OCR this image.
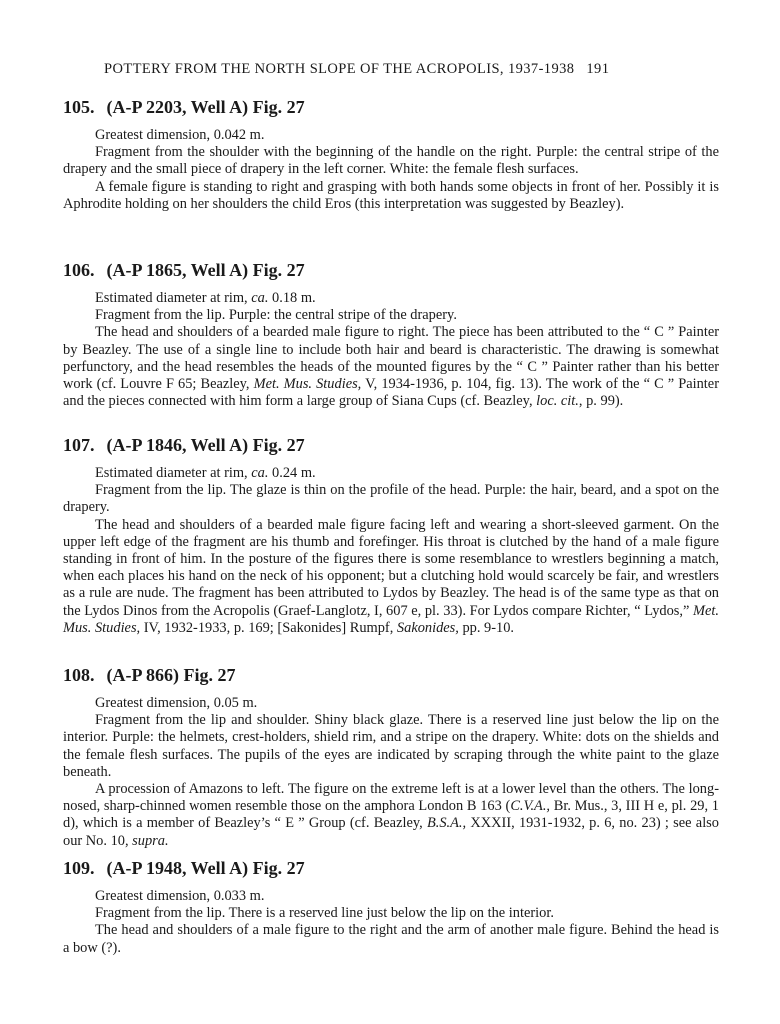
POTTERY FROM THE NORTH SLOPE OF THE ACROPOLIS, 1937-1938 191
105. (A-P 2203, Well A) Fig. 27

Greatest dimension, 0.042 m.

Fragment from the shoulder with the beginning of the handle on the right. Purple: the central stripe of the drapery and the small piece of drapery in the left corner. White: the female flesh surfaces.

A female figure is standing to right and grasping with both hands some objects in front of her. Possibly it is Aphrodite holding on her shoulders the child Eros (this interpretation was suggested by Beazley).

106. (A-P 1865, Well A) Fig. 27

Estimated diameter at rim, ca. 0.18 m.

Fragment from the lip. Purple: the central stripe of the drapery.

The head and shoulders of a bearded male figure to right. The piece has been attributed to the “ C ” Painter by Beazley. The use of a single line to include both hair and beard is characteristic. The drawing is somewhat perfunctory, and the head resembles the heads of the mounted figures by the “ C ” Painter rather than his better work (cf. Louvre F 65; Beazley, Met. Mus. Studies, V, 1934-1936, p. 104, fig. 13). The work of the “ C ” Painter and the pieces connected with him form a large group of Siana Cups (cf. Beazley, loc. cit., p. 99).

107. (A-P 1846, Well A) Fig. 27

Estimated diameter at rim, ca. 0.24 m.

Fragment from the lip. The glaze is thin on the profile of the head. Purple: the hair, beard, and a spot on the drapery.

The head and shoulders of a bearded male figure facing left and wearing a short-sleeved garment. On the upper left edge of the fragment are his thumb and forefinger. His throat is clutched by the hand of a male figure standing in front of him. In the posture of the figures there is some resemblance to wrestlers beginning a match, when each places his hand on the neck of his opponent; but a clutching hold would scarcely be fair, and wrestlers as a rule are nude. The fragment has been attributed to Lydos by Beazley. The head is of the same type as that on the Lydos Dinos from the Acropolis (Graef-Langlotz, I, 607 e, pl. 33). For Lydos compare Richter, “ Lydos,” Met. Mus. Studies, IV, 1932-1933, p. 169; [Sakonides] Rumpf, Sakonides, pp. 9-10.

108. (A-P 866) Fig. 27

Greatest dimension, 0.05 m.

Fragment from the lip and shoulder. Shiny black glaze. There is a reserved line just below the lip on the interior. Purple: the helmets, crest-holders, shield rim, and a stripe on the drapery. White: dots on the shields and the female flesh surfaces. The pupils of the eyes are indicated by scraping through the white paint to the glaze beneath.

A procession of Amazons to left. The figure on the extreme left is at a lower level than the others. The long-nosed, sharp-chinned women resemble those on the amphora London B 163 (C.V.A., Br. Mus., 3, III H e, pl. 29, 1 d), which is a member of Beazley’s “ E ” Group (cf. Beazley, B.S.A., XXXII, 1931-1932, p. 6, no. 23) ; see also our No. 10, supra.

109. (A-P 1948, Well A) Fig. 27

Greatest dimension, 0.033 m.

Fragment from the lip. There is a reserved line just below the lip on the interior.

The head and shoulders of a male figure to the right and the arm of another male figure. Behind the head is a bow (?).
